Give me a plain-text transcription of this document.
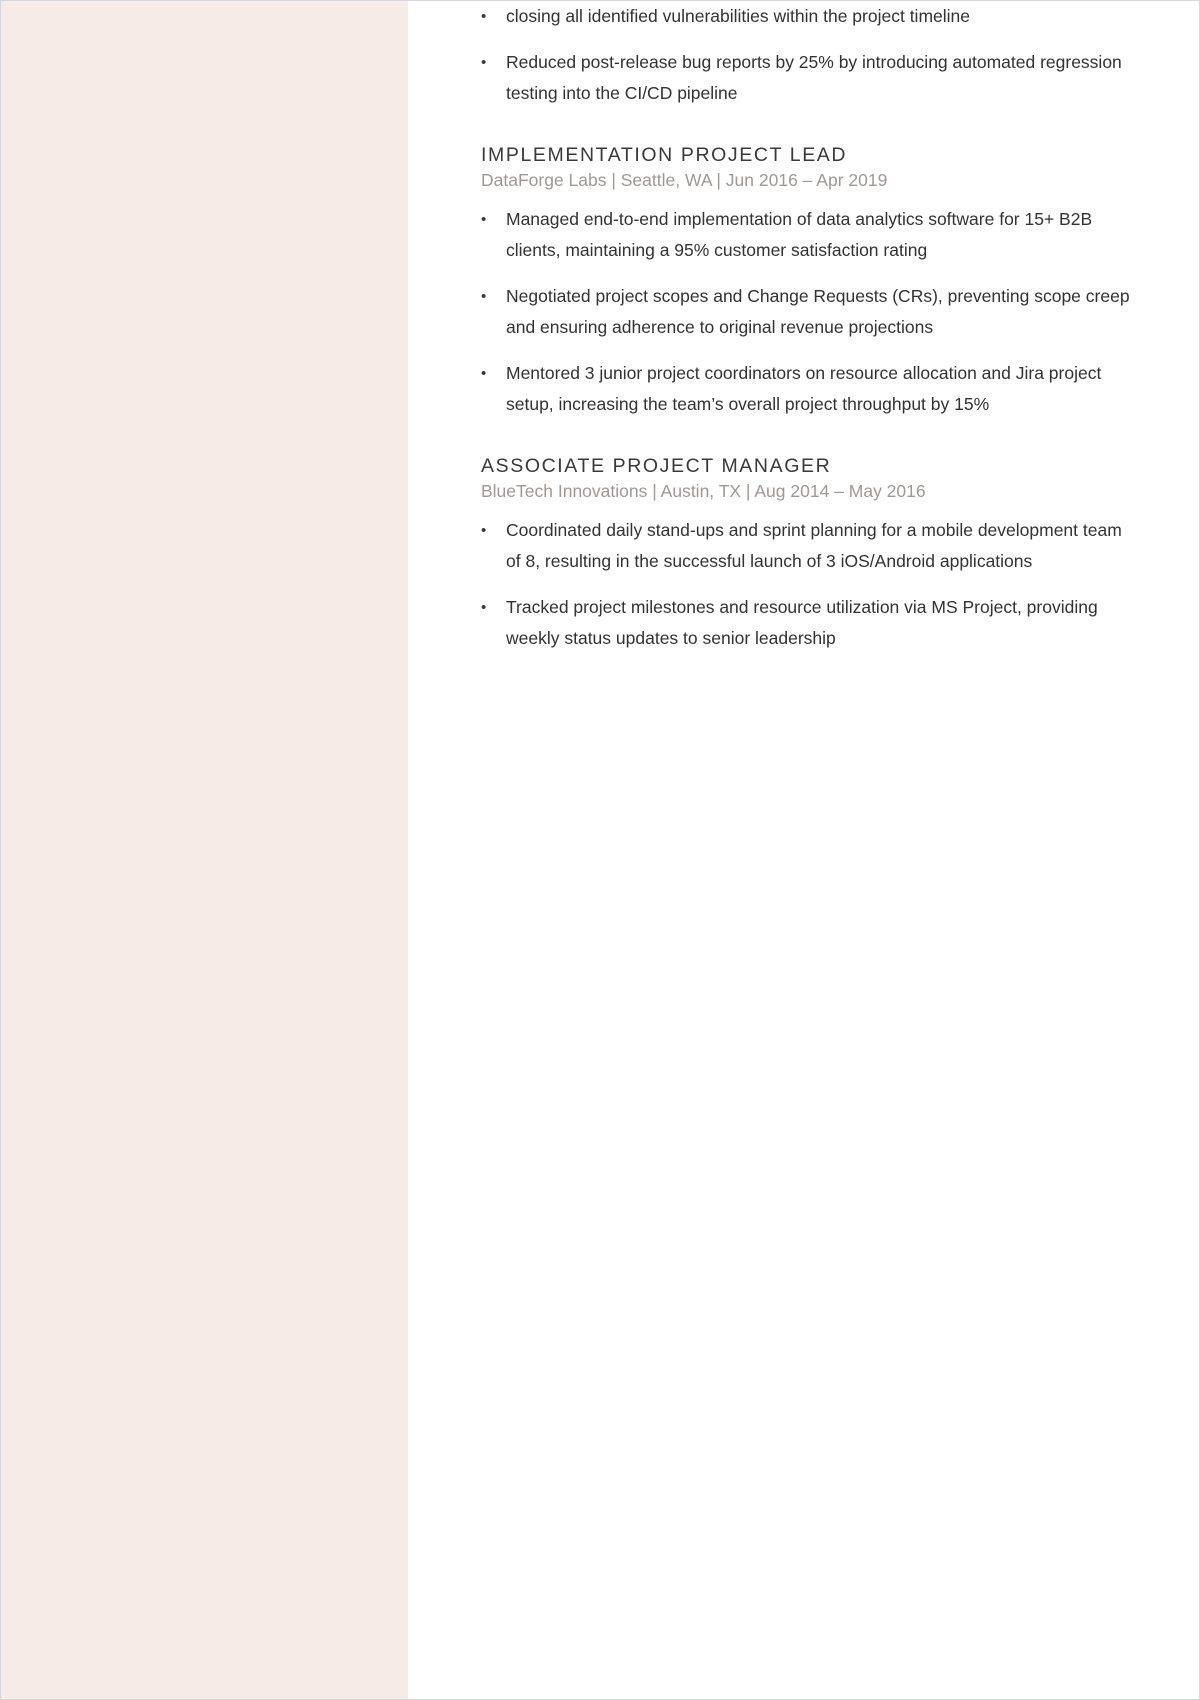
• closing all identified vulnerabilities within the project timeline
• Reduced post-release bug reports by 25% by introducing automated regression testing into the CI/CD pipeline
IMPLEMENTATION PROJECT LEAD

DataForge Labs | Seattle, WA | Jun 2016 – Apr 2019

• Managed end-to-end implementation of data analytics software for 15+ B2B clients, maintaining a 95% customer satisfaction rating
• Negotiated project scopes and Change Requests (CRs), preventing scope creep and ensuring adherence to original revenue projections
• Mentored 3 junior project coordinators on resource allocation and Jira project setup, increasing the team’s overall project throughput by 15%
ASSOCIATE PROJECT MANAGER

BlueTech Innovations | Austin, TX | Aug 2014 – May 2016

• Coordinated daily stand-ups and sprint planning for a mobile development team of 8, resulting in the successful launch of 3 iOS/Android applications
• Tracked project milestones and resource utilization via MS Project, providing weekly status updates to senior leadership
